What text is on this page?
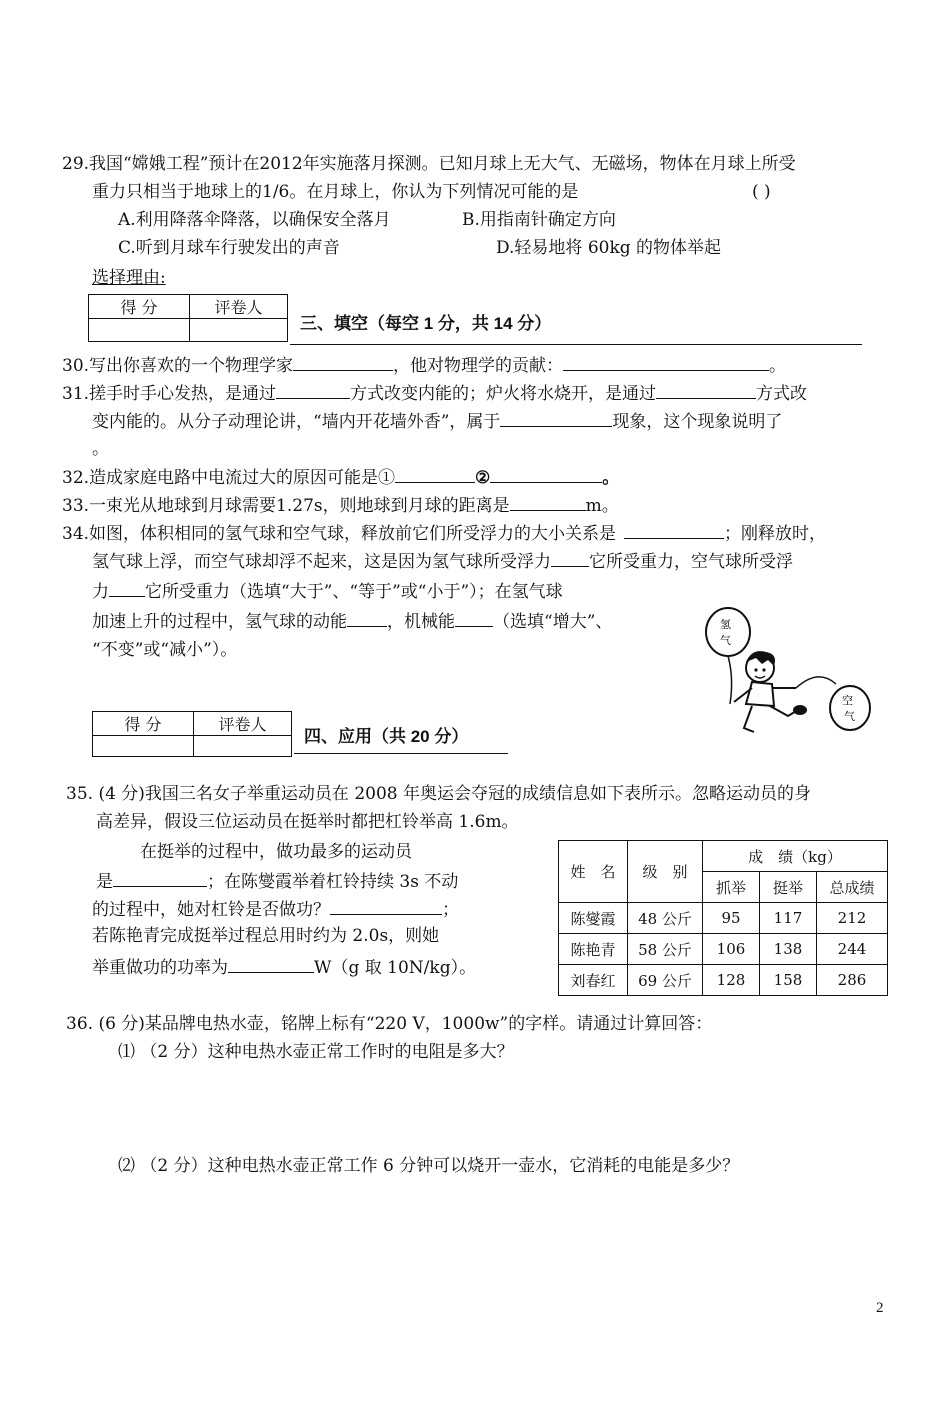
29.我国“嫦娥工程”预计在2012年实施落月探测。已知月球上无大气、无磁场，物体在月球上所受
重力只相当于地球上的1/6。在月球上，你认为下列情况可能的是	( )
A.利用降落伞降落，以确保安全落月	B.用指南针确定方向
C.听到月球车行驶发出的声音	D.轻易地将 60kg 的物体举起
选择理由:
得 分	评卷人

三、填空（每空 1 分，共 14 分）
30.写出你喜欢的一个物理学家	，他对物理学的贡献：	。
31.搓手时手心发热，是通过	方式改变内能的；炉火将水烧开，是通过	方式改
变内能的。从分子动理论讲，“墙内开花墙外香”，属于	现象，这个现象说明了
。
32.造成家庭电路中电流过大的原因可能是①	②	。
33.一束光从地球到月球需要1.27s，则地球到月球的距离是	m。
34.如图，体积相同的氢气球和空气球，释放前它们所受浮力的大小关系是	；刚释放时，
氢气球上浮，而空气球却浮不起来，这是因为氢气球所受浮力 它所受重力，空气球所受浮
力 它所受重力（选填“大于”、“等于”或“小于”）；在氢气球
加速上升的过程中，氢气球的动能 ，机械能 （选填“增大”、
“不变”或“减小”）。
氢
气
空
气
得 分	评卷人

四、应用（共 20 分）
35. (4 分)我国三名女子举重运动员在 2008 年奥运会夺冠的成绩信息如下表所示。忽略运动员的身
高差异，假设三位运动员在挺举时都把杠铃举高 1.6m。
在挺举的过程中，做功最多的运动员
是	；在陈燮霞举着杠铃持续 3s 不动
的过程中，她对杠铃是否做功？	；
若陈艳青完成挺举过程总用时约为 2.0s，则她
举重做功的功率为	W（g 取 10N/kg）。
姓　名	级　别	成　绩（kg）		
		抓举	挺举	总成绩
陈燮霞	48 公斤	95	117	212
陈艳青	58 公斤	106	138	244
刘春红	69 公斤	128	158	286
36. (6 分)某品牌电热水壶，铭牌上标有“220 V，1000w”的字样。请通过计算回答：
⑴ （2 分）这种电热水壶正常工作时的电阻是多大？
⑵ （2 分）这种电热水壶正常工作 6 分钟可以烧开一壶水，它消耗的电能是多少？
2
